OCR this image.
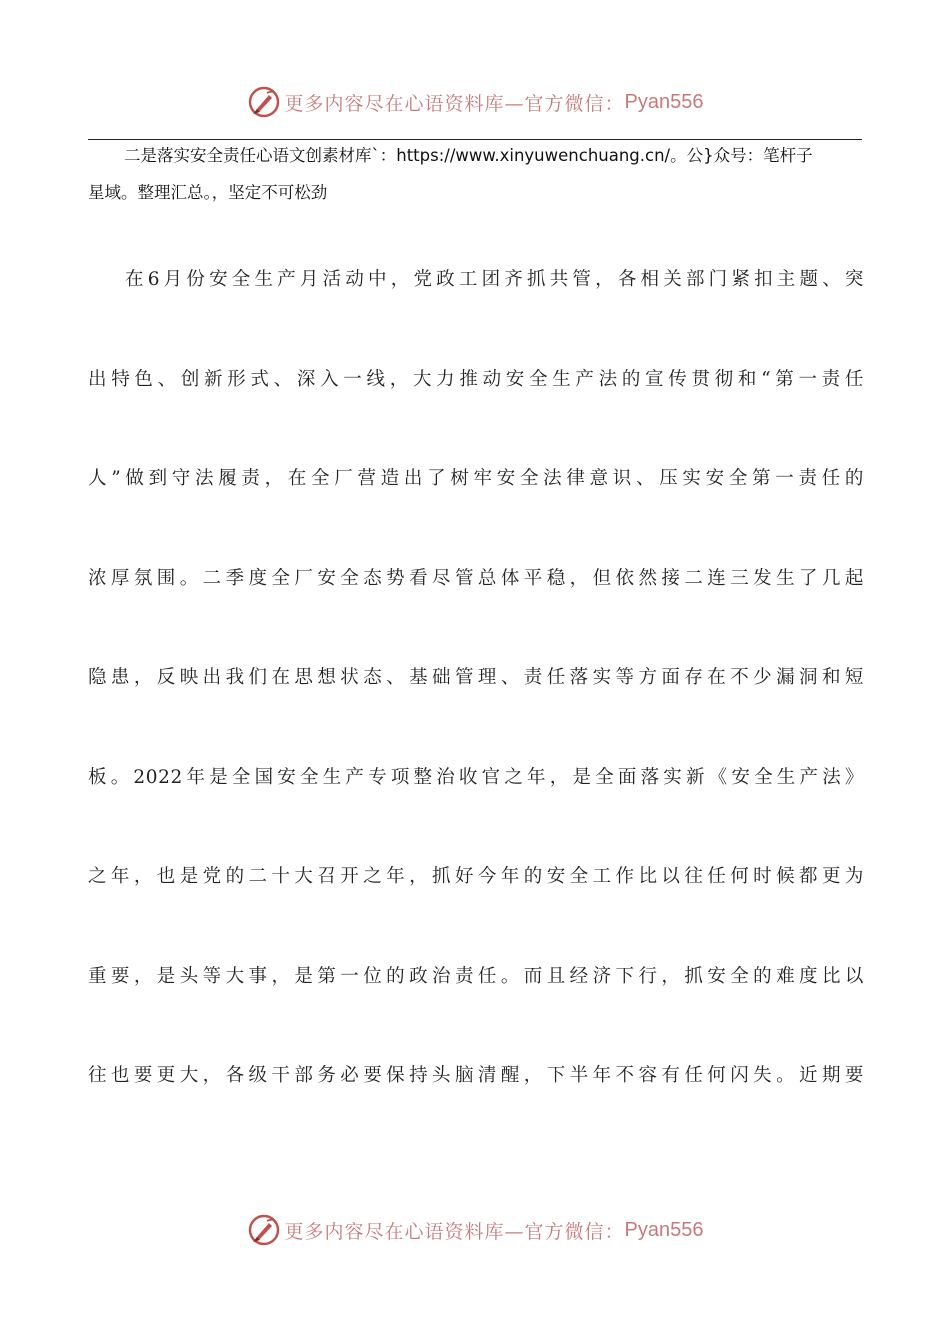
更多内容尽在心语资料库—官方微信： Pyan556
二是落实安全责任心语文创素材库`：https://www.xinyuwenchuang.cn/。公}众号：笔杆子
星域。整理汇总。，坚定不可松劲
在6月份安全生产月活动中，党政工团齐抓共管，各相关部门紧扣主题、突
出特色、创新形式、深入一线，大力推动安全生产法的宣传贯彻和“第一责任
人”做到守法履责，在全厂营造出了树牢安全法律意识、压实安全第一责任的
浓厚氛围。二季度全厂安全态势看尽管总体平稳，但依然接二连三发生了几起
隐患，反映出我们在思想状态、基础管理、责任落实等方面存在不少漏洞和短
板。2022年是全国安全生产专项整治收官之年，是全面落实新《安全生产法》
之年，也是党的二十大召开之年，抓好今年的安全工作比以往任何时候都更为
重要，是头等大事，是第一位的政治责任。而且经济下行，抓安全的难度比以
往也要更大，各级干部务必要保持头脑清醒，下半年不容有任何闪失。近期要
更多内容尽在心语资料库—官方微信： Pyan556
